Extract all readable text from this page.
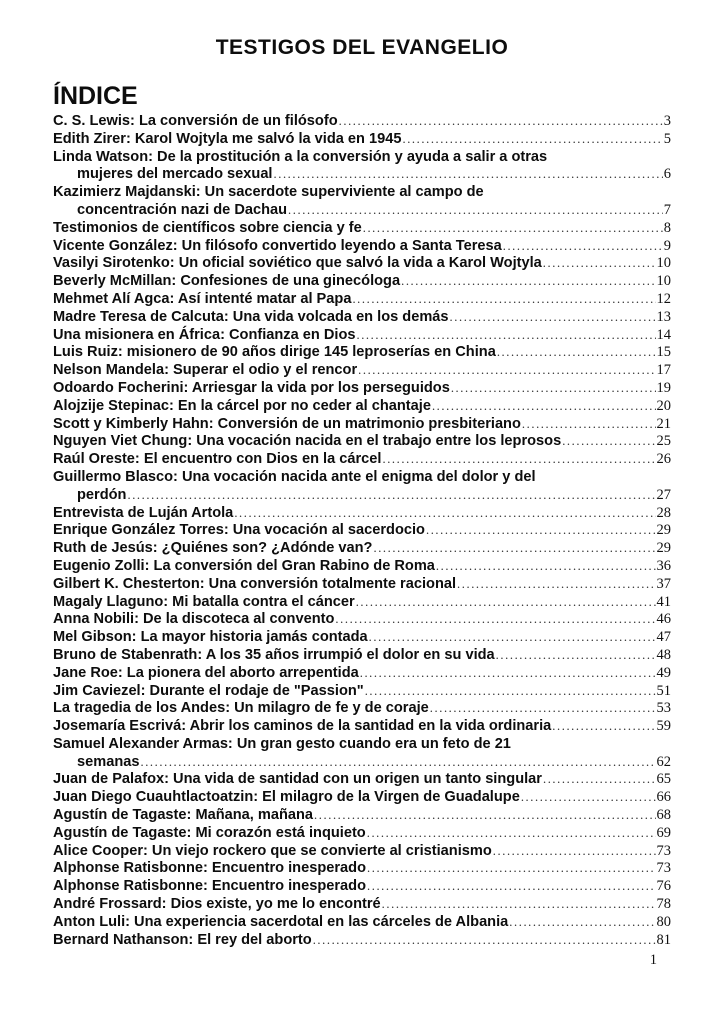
TESTIGOS DEL EVANGELIO
ÍNDICE
C. S. Lewis: La conversión de un filósofo .....	3
Edith Zirer: Karol Wojtyla me salvó la vida en 1945 .....	5
Linda Watson: De la prostitución a la conversión y ayuda a salir a otras
mujeres del mercado sexual .....	6
Kazimierz Majdanski: Un sacerdote superviviente al campo de
concentración nazi de Dachau .....	7
Testimonios de científicos sobre ciencia y fe .....	8
Vicente González: Un filósofo convertido leyendo a Santa Teresa .....	9
Vasilyi Sirotenko: Un oficial soviético que salvó la vida a Karol Wojtyla .....	10
Beverly McMillan: Confesiones de una ginecóloga .....	10
Mehmet Alí Agca: Así intenté matar al Papa .....	12
Madre Teresa de Calcuta: Una vida volcada en los demás .....	13
Una misionera en África: Confianza en Dios .....	14
Luis Ruiz: misionero de 90 años dirige 145 leproserías en China .....	15
Nelson Mandela: Superar el odio y el rencor .....	17
Odoardo Focherini: Arriesgar la vida por los perseguidos .....	19
Alojzije Stepinac: En la cárcel por no ceder al chantaje .....	20
Scott y Kimberly Hahn: Conversión de un matrimonio presbiteriano .....	21
Nguyen Viet Chung: Una vocación nacida en el trabajo entre los leprosos .....	25
Raúl Oreste: El encuentro con Dios en la cárcel .....	26
Guillermo Blasco: Una vocación nacida ante el enigma del dolor y del
perdón .....	27
Entrevista de Luján Artola .....	28
Enrique González Torres: Una vocación al sacerdocio .....	29
Ruth de Jesús: ¿Quiénes son? ¿Adónde van? .....	29
Eugenio Zolli: La conversión del Gran Rabino de Roma .....	36
Gilbert K. Chesterton: Una conversión totalmente racional .....	37
Magaly Llaguno: Mi batalla contra el cáncer .....	41
Anna Nobili: De la discoteca al convento .....	46
Mel Gibson: La mayor historia jamás contada .....	47
Bruno de Stabenrath: A los 35 años irrumpió el dolor en su vida .....	48
Jane Roe: La pionera del aborto arrepentida .....	49
Jim Caviezel: Durante el rodaje de "Passion" .....	51
La tragedia de los Andes: Un milagro de fe y de coraje .....	53
Josemaría Escrivá: Abrir los caminos de la santidad en la vida ordinaria .....	59
Samuel Alexander Armas: Un gran gesto cuando era un feto de 21
semanas .....	62
Juan de Palafox: Una vida de santidad con un origen un tanto singular .....	65
Juan Diego Cuauhtlactoatzin: El milagro de la Virgen de Guadalupe .....	66
Agustín de Tagaste: Mañana, mañana .....	68
Agustín de Tagaste: Mi corazón está inquieto .....	69
Alice Cooper: Un viejo rockero que se convierte al cristianismo .....	73
Alphonse Ratisbonne: Encuentro inesperado .....	73
Alphonse Ratisbonne: Encuentro inesperado .....	76
André Frossard: Dios existe, yo me lo encontré .....	78
Anton Luli: Una experiencia sacerdotal en las cárceles de Albania .....	80
Bernard Nathanson: El rey del aborto .....	81
1
